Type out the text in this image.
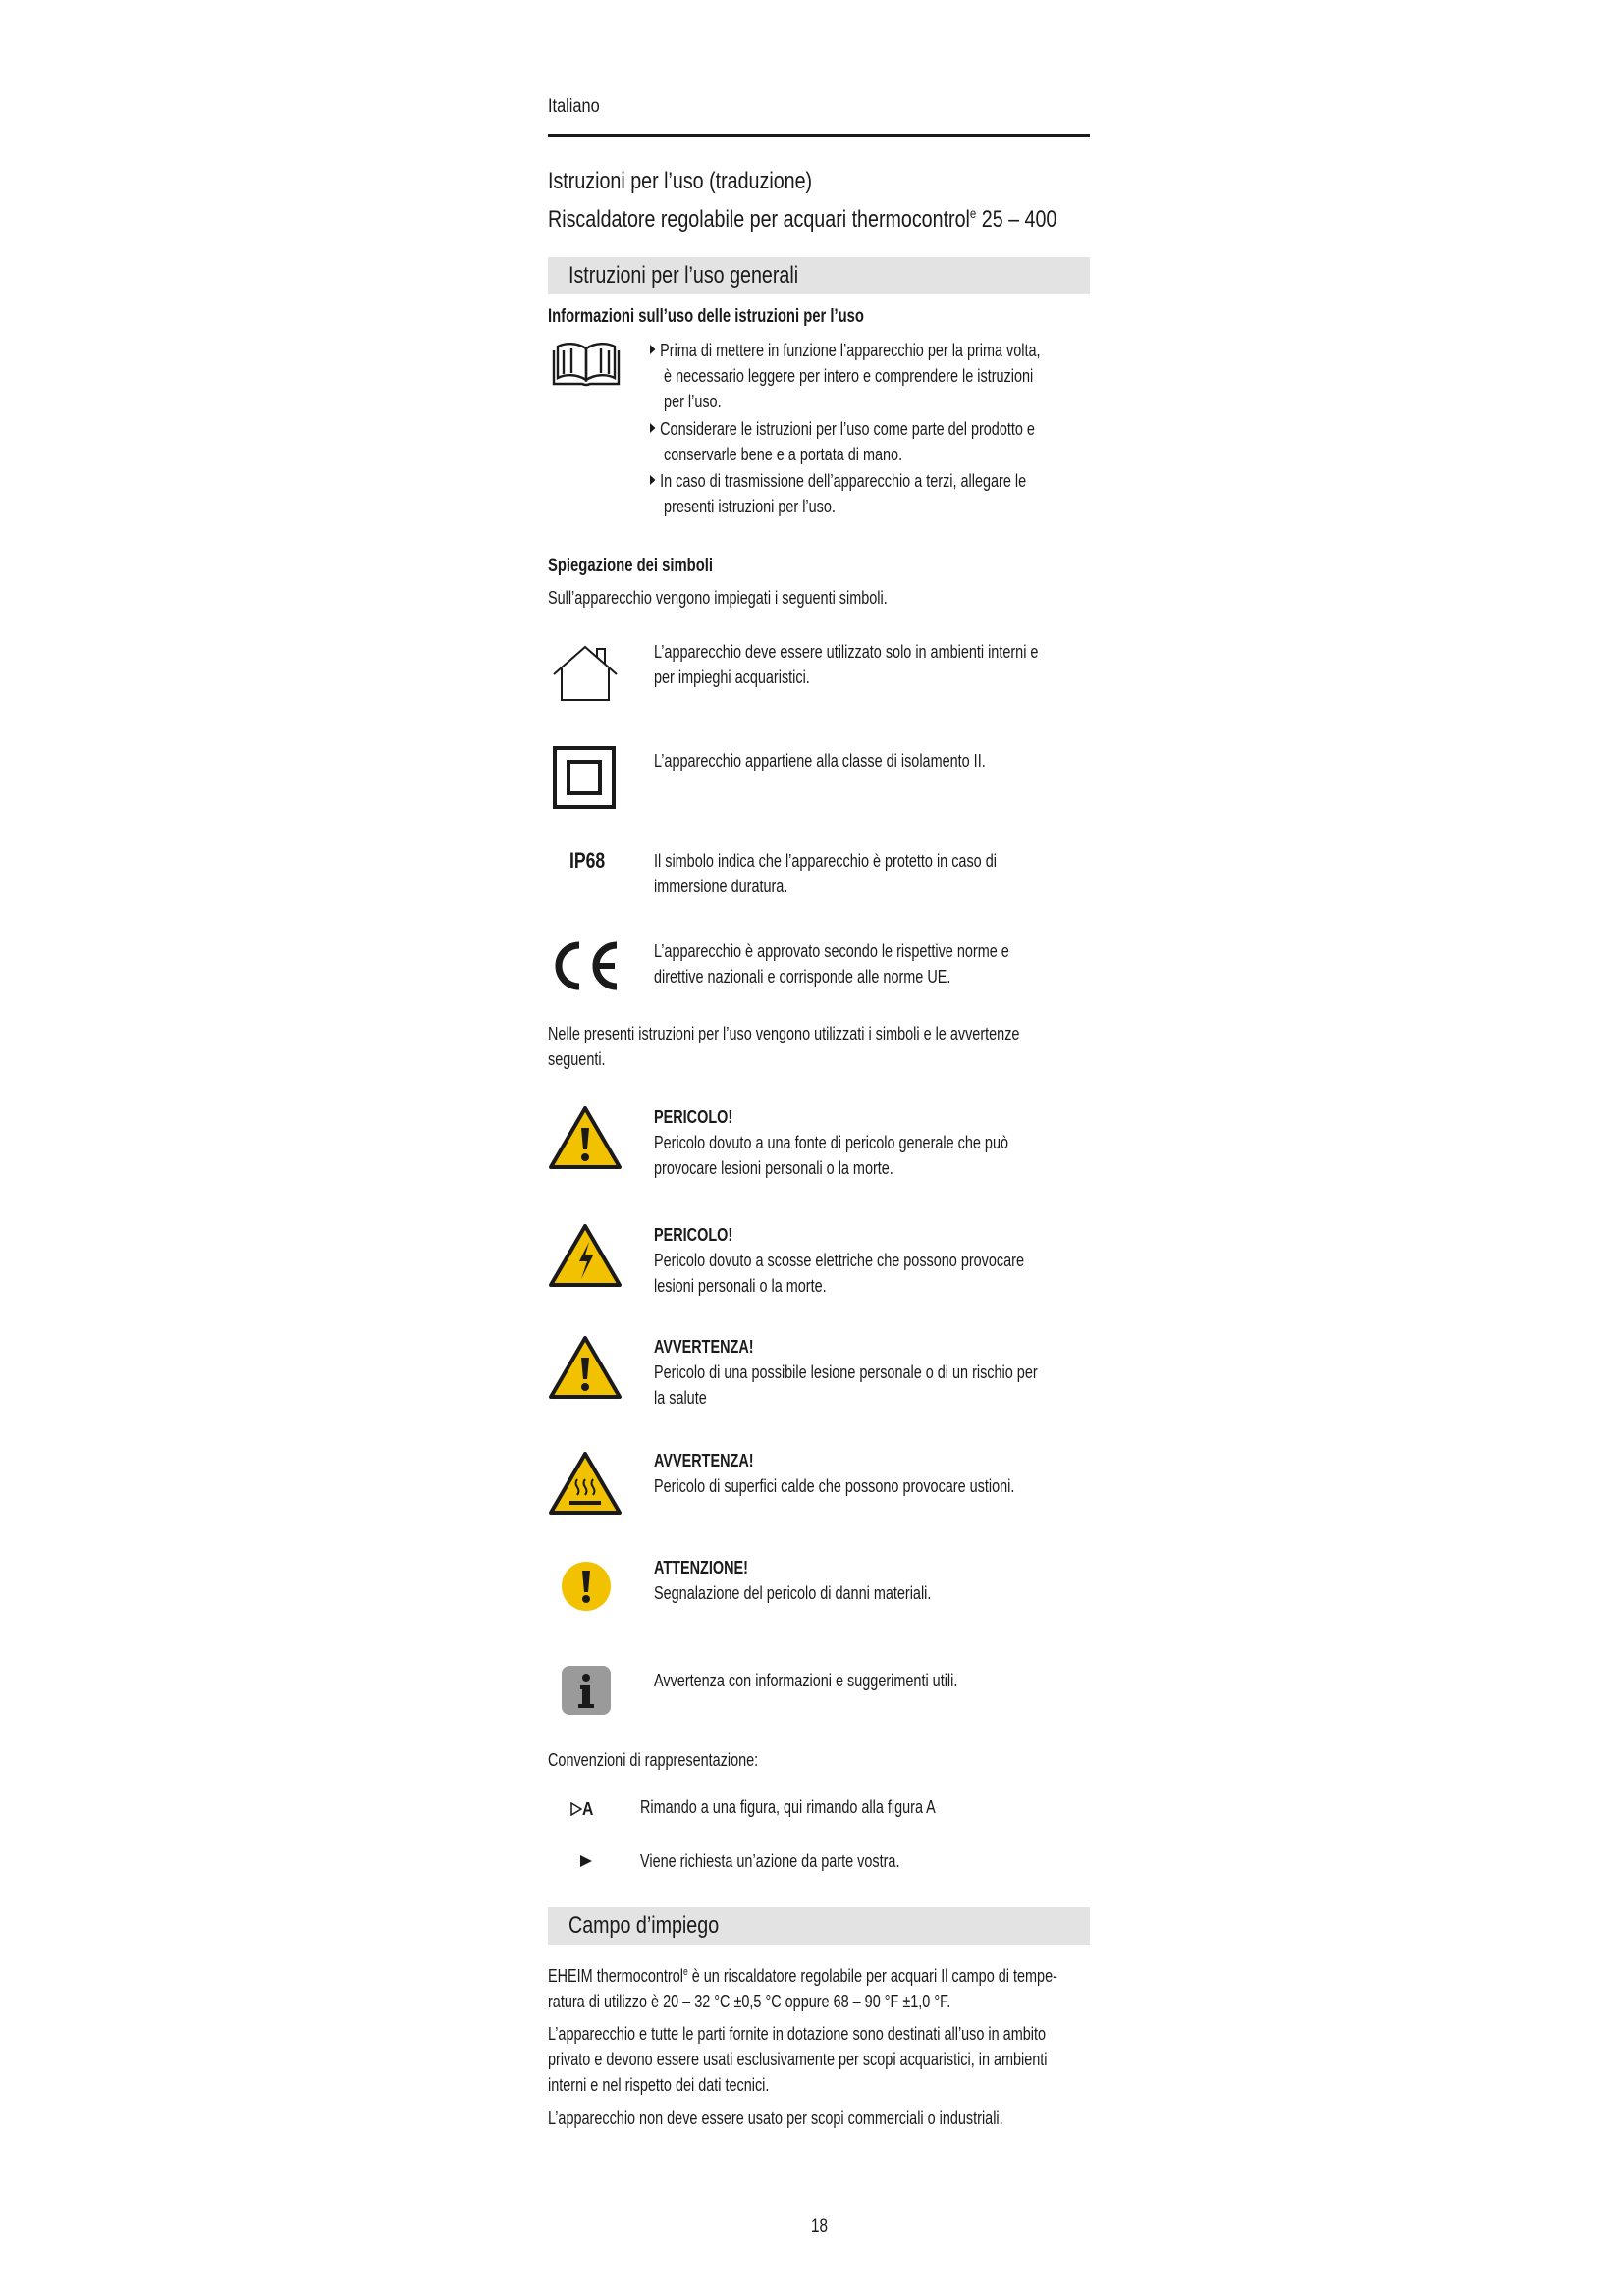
Italiano
Istruzioni per l’uso (traduzione)
Riscaldatore regolabile per acquari thermocontrol$^e$ 25 – 400
Istruzioni per l’uso generali
Informazioni sull’uso delle istruzioni per l’uso
Prima di mettere in funzione l’apparecchio per la prima volta,
è necessario leggere per intero e comprendere le istruzioni
per l’uso.
Considerare le istruzioni per l’uso come parte del prodotto e
conservarle bene e a portata di mano.
In caso di trasmissione dell’apparecchio a terzi, allegare le
presenti istruzioni per l’uso.
Spiegazione dei simboli
Sull’apparecchio vengono impiegati i seguenti simboli.
L’apparecchio deve essere utilizzato solo in ambienti interni e
per impieghi acquaristici.
L’apparecchio appartiene alla classe di isolamento II.
IP68	Il simbolo indica che l’apparecchio è protetto in caso di
immersione duratura.
L’apparecchio è approvato secondo le rispettive norme e
direttive nazionali e corrisponde alle norme UE.
Nelle presenti istruzioni per l’uso vengono utilizzati i simboli e le avvertenze
seguenti.
PERICOLO!
Pericolo dovuto a una fonte di pericolo generale che può
provocare lesioni personali o la morte.
PERICOLO!
Pericolo dovuto a scosse elettriche che possono provocare
lesioni personali o la morte.
AVVERTENZA!
Pericolo di una possibile lesione personale o di un rischio per
la salute
AVVERTENZA!
Pericolo di superfici calde che possono provocare ustioni.
ATTENZIONE!
Segnalazione del pericolo di danni materiali.
Avvertenza con informazioni e suggerimenti utili.
Convenzioni di rappresentazione:
A	Rimando a una figura, qui rimando alla figura A
Viene richiesta un’azione da parte vostra.
Campo d’impiego
EHEIM thermocontrol$^e$ è un riscaldatore regolabile per acquari Il campo di tempe-
ratura di utilizzo è 20 – 32 °C ±0,5 °C oppure 68 – 90 °F ±1,0 °F.
L’apparecchio e tutte le parti fornite in dotazione sono destinati all’uso in ambito
privato e devono essere usati esclusivamente per scopi acquaristici, in ambienti
interni e nel rispetto dei dati tecnici.
L’apparecchio non deve essere usato per scopi commerciali o industriali.
18
